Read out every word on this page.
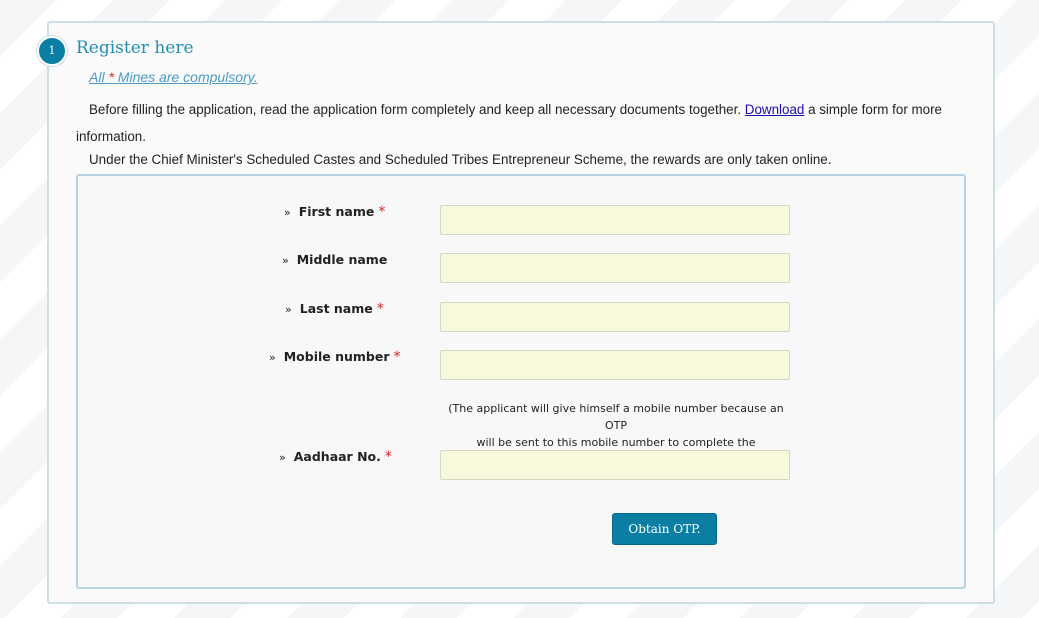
1	Register here
All * Mines are compulsory.
Before filling the application, read the application form completely and keep all necessary documents together. Download a simple form for more information.
Under the Chief Minister's Scheduled Castes and Scheduled Tribes Entrepreneur Scheme, the rewards are only taken online.
» First name *
» Middle name
» Last name *
» Mobile number *
(The applicant will give himself a mobile number because an OTP
will be sent to this mobile number to complete the
» Aadhaar No. *
Obtain OTP.
